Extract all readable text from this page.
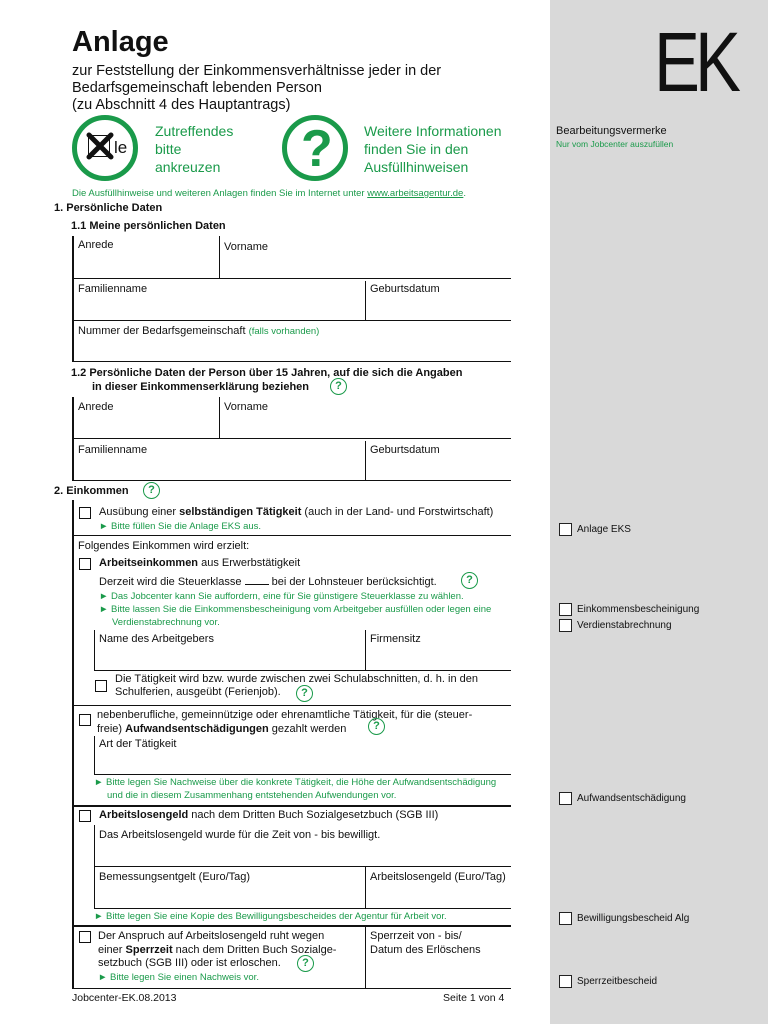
EK
Bearbeitungsvermerke
Nur vom Jobcenter auszufüllen
Anlage EKS
Einkommensbescheinigung
Verdienstabrechnung
Aufwandsentschädigung
Bewilligungsbescheid Alg
Sperrzeitbescheid
Anlage
zur Feststellung der Einkommensverhältnisse jeder in der
Bedarfsgemeinschaft lebenden Person
(zu Abschnitt 4 des Hauptantrags)
le
Zutreffendes
bitte
ankreuzen ? Weitere Informationen
finden Sie in den
Ausfüllhinweisen
Die Ausfüllhinweise und weiteren Anlagen finden Sie im Internet unter www.arbeitsagentur.de.
1. Persönliche Daten
1.1 Meine persönlichen Daten
Anrede	Vorname
Familienname	Geburtsdatum
Nummer der Bedarfsgemeinschaft (falls vorhanden)
1.2 Persönliche Daten der Person über 15 Jahren, auf die sich die Angaben
in dieser Einkommenserklärung beziehen	?
Anrede	Vorname
Familienname	Geburtsdatum
2. Einkommen	?
Ausübung einer selbständigen Tätigkeit (auch in der Land- und Forstwirtschaft)
► Bitte füllen Sie die Anlage EKS aus.
Folgendes Einkommen wird erzielt:
Arbeitseinkommen aus Erwerbstätigkeit
Derzeit wird die Steuerklasse	bei der Lohnsteuer berücksichtigt.	?
► Das Jobcenter kann Sie auffordern, eine für Sie günstigere Steuerklasse zu wählen.
► Bitte lassen Sie die Einkommensbescheinigung vom Arbeitgeber ausfüllen oder legen eine
Verdienstabrechnung vor.
Name des Arbeitgebers	Firmensitz
Die Tätigkeit wird bzw. wurde zwischen zwei Schulabschnitten, d. h. in den
Schulferien, ausgeübt (Ferienjob).	?
nebenberufliche, gemeinnützige oder ehrenamtliche Tätigkeit, für die (steuer-
freie) Aufwandsentschädigungen gezahlt werden	?
Art der Tätigkeit
► Bitte legen Sie Nachweise über die konkrete Tätigkeit, die Höhe der Aufwandsentschädigung
und die in diesem Zusammenhang entstehenden Aufwendungen vor.
Arbeitslosengeld nach dem Dritten Buch Sozialgesetzbuch (SGB III)
Das Arbeitslosengeld wurde für die Zeit von - bis bewilligt.
Bemessungsentgelt (Euro/Tag)	Arbeitslosengeld (Euro/Tag)
► Bitte legen Sie eine Kopie des Bewilligungsbescheides der Agentur für Arbeit vor.
Der Anspruch auf Arbeitslosengeld ruht wegen
einer Sperrzeit nach dem Dritten Buch Sozialge-
setzbuch (SGB III) oder ist erloschen.	?
► Bitte legen Sie einen Nachweis vor.
Sperrzeit von - bis/
Datum des Erlöschens
Jobcenter-EK.08.2013	Seite 1 von 4
